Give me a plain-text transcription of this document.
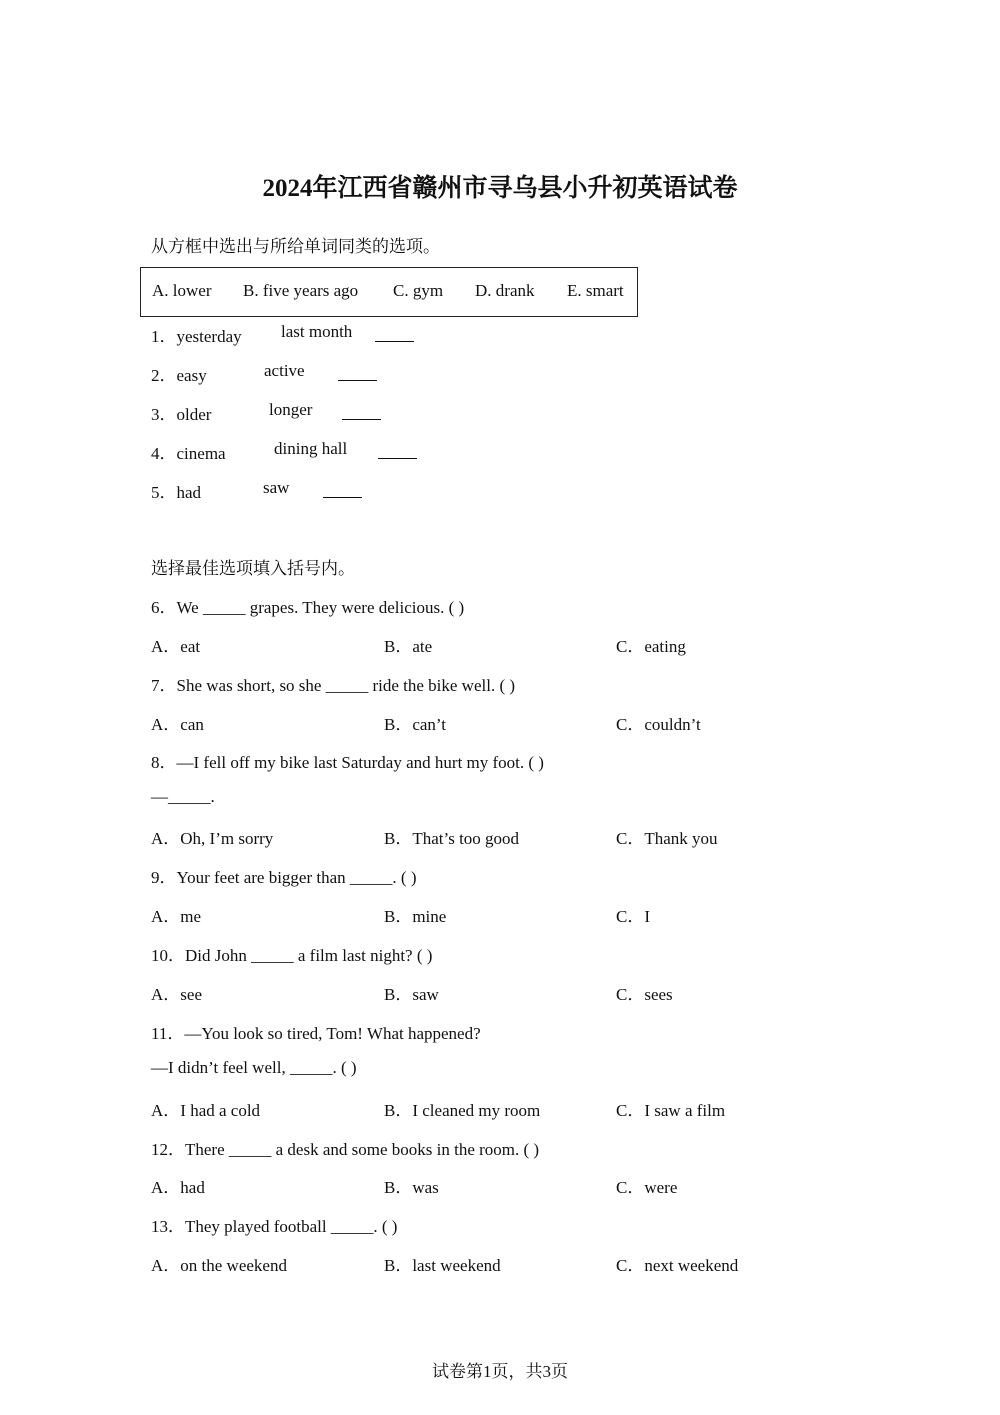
2024年江西省赣州市寻乌县小升初英语试卷
从方框中选出与所给单词同类的选项。
A. lower B. five years ago C. gym D. drank E. smart
1．yesterday last month
2．easy	active
3．older	longer
4．cinema	dining hall
5．had	saw
选择最佳选项填入括号内。
6．We _____ grapes. They were delicious. ( )
A．eat	B．ate	C．eating
7．She was short, so she _____ ride the bike well. ( )
A．can	B．can’t	C．couldn’t
8．—I fell off my bike last Saturday and hurt my foot. ( )
—_____.
A．Oh, I’m sorry	B．That’s too good	C．Thank you
9．Your feet are bigger than _____. ( )
A．me	B．mine	C．I
10．Did John _____ a film last night? ( )
A．see	B．saw	C．sees
11．—You look so tired, Tom! What happened?
—I didn’t feel well, _____. ( )
A．I had a cold	B．I cleaned my room	C．I saw a film
12．There _____ a desk and some books in the room. ( )
A．had	B．was	C．were
13．They played football _____. ( )
A．on the weekend	B．last weekend	C．next weekend
试卷第1页，共3页
